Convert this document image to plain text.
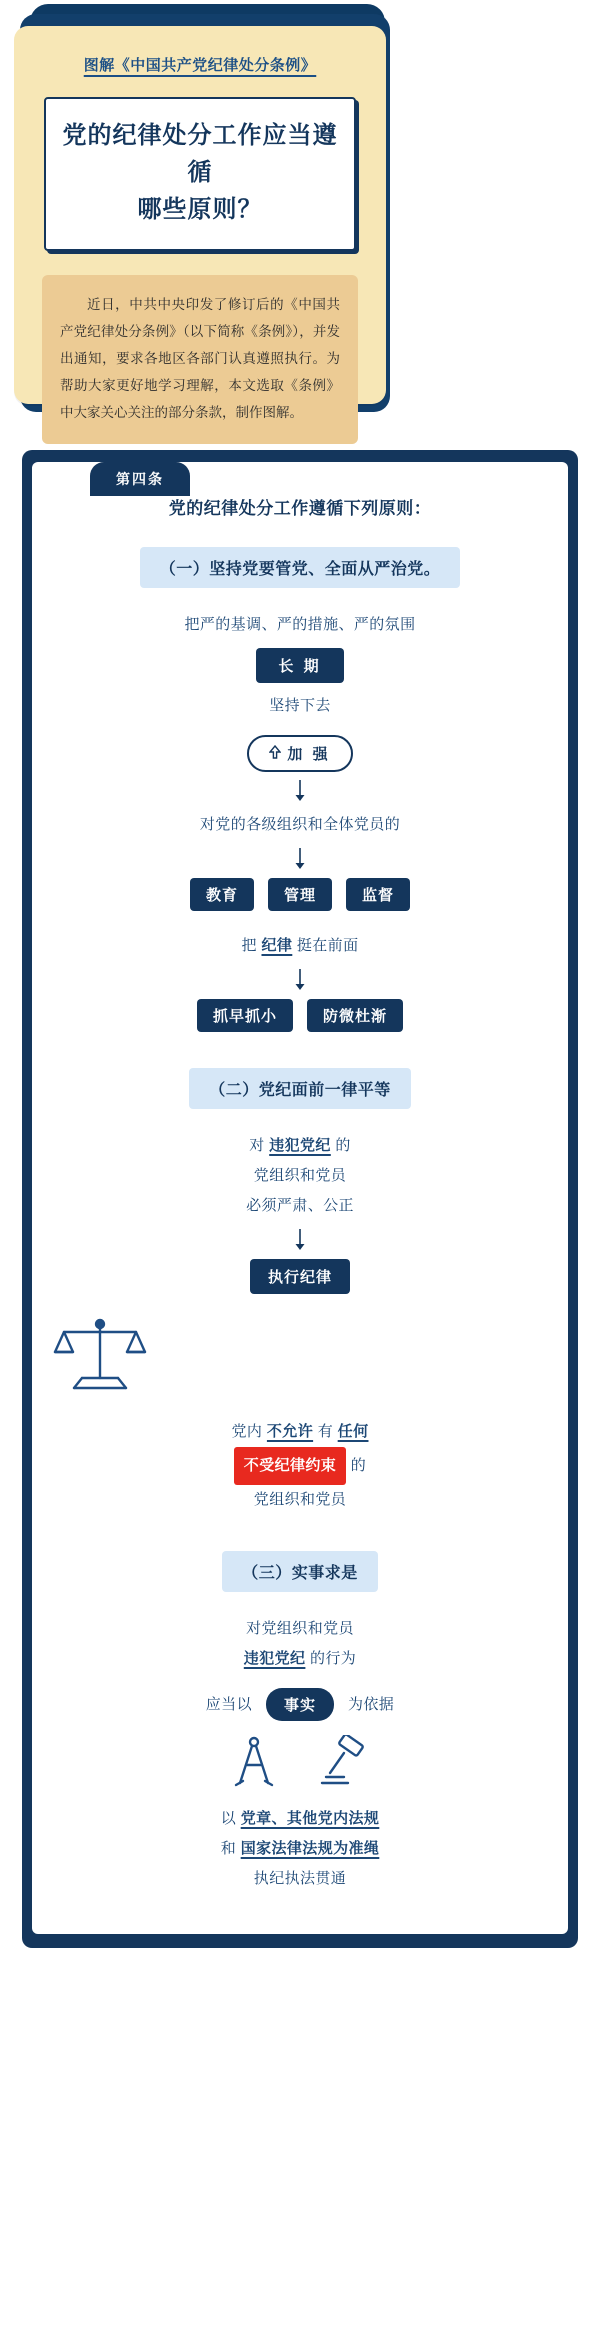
图解《中国共产党纪律处分条例》
党的纪律处分工作应当遵循
哪些原则？
近日，中共中央印发了修订后的《中国共产党纪律处分条例》（以下简称《条例》），并发出通知，要求各地区各部门认真遵照执行。为帮助大家更好地学习理解，本文选取《条例》中大家关心关注的部分条款，制作图解。
第四条
党的纪律处分工作遵循下列原则：
（一）坚持党要管党、全面从严治党。
把严的基调、严的措施、严的氛围
长 期
坚持下去
加 强
对党的各级组织和全体党员的
教育	管理	监督
把 纪律 挺在前面
抓早抓小	防微杜渐
（二）党纪面前一律平等
对 违犯党纪 的
党组织和党员
必须严肃、公正
执行纪律
党内 不允许 有 任何
不受纪律约束 的
党组织和党员
（三）实事求是
对党组织和党员
违犯党纪 的行为
应当以	事实	为依据
以 党章、其他党内法规
和 国家法律法规为准绳
执纪执法贯通
